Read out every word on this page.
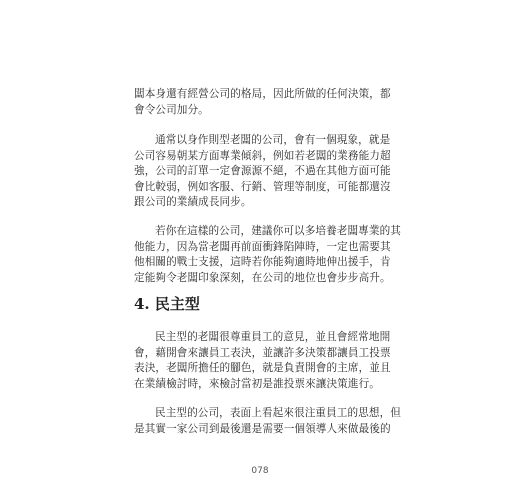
闆本身還有經營公司的格局，因此所做的任何決策，都
會令公司加分。
通常以身作則型老闆的公司，會有一個現象，就是
公司容易朝某方面專業傾斜，例如若老闆的業務能力超
強，公司的訂單一定會源源不絕，不過在其他方面可能
會比較弱，例如客服、行銷、管理等制度，可能都還沒
跟公司的業績成長同步。
若你在這樣的公司，建議你可以多培養老闆專業的其
他能力，因為當老闆再前面衝鋒陷陣時，一定也需要其
他相關的戰士支援，這時若你能夠適時地伸出援手，肯
定能夠令老闆印象深刻，在公司的地位也會步步高升。
4. 民主型
民主型的老闆很尊重員工的意見，並且會經常地開
會，藉開會來讓員工表決，並讓許多決策都讓員工投票
表決，老闆所擔任的腳色，就是負責開會的主席，並且
在業績檢討時，來檢討當初是誰投票來讓決策進行。
民主型的公司，表面上看起來很注重員工的思想，但
是其實一家公司到最後還是需要一個領導人來做最後的
078
